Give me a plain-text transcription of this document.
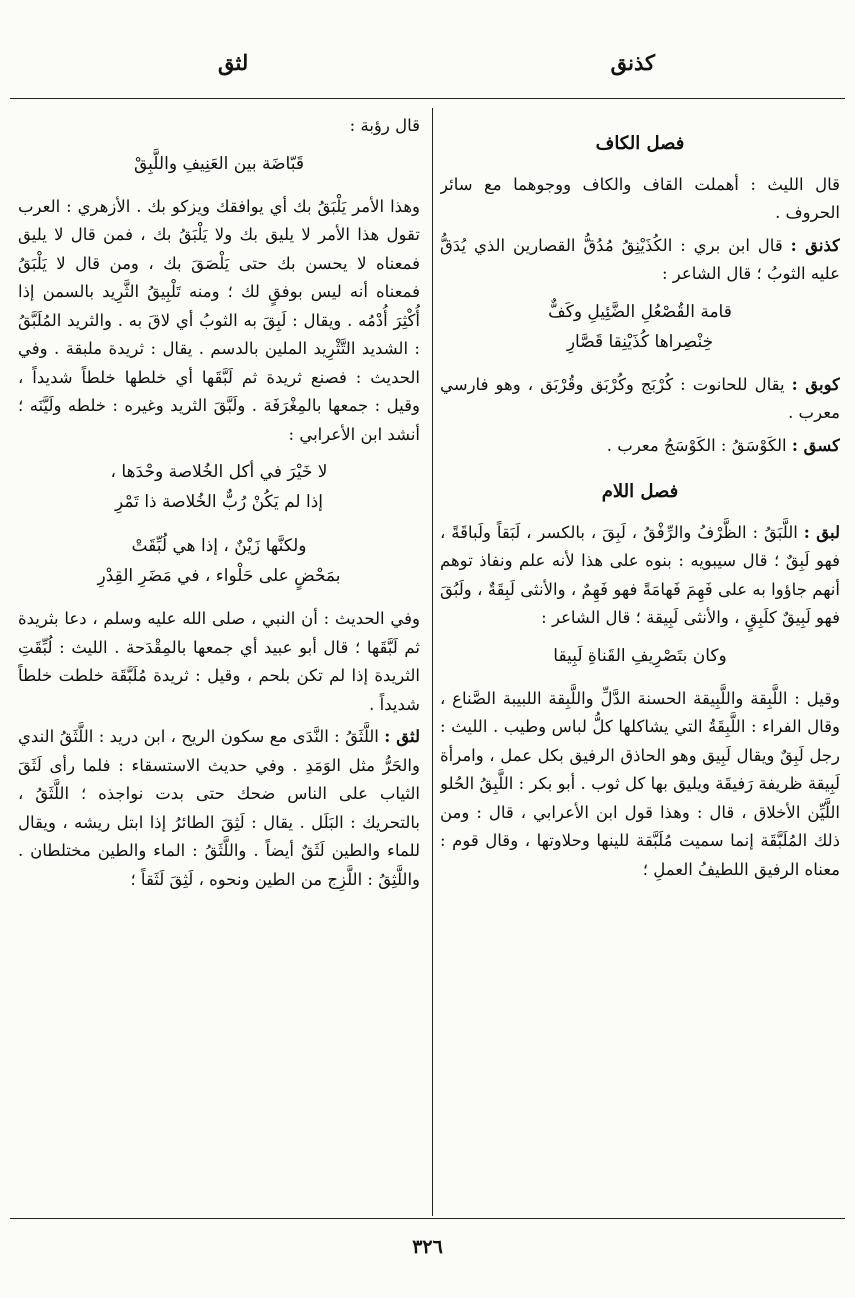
كذنق
لثق
فصل الكاف

قال الليث : أهملت القاف والكاف ووجوهما مع سائر الحروف .

كذنق : قال ابن بري : الكُذَيْنِقُ مُدُقُّ القصارين الذي يُدَقُّ عليه الثوبُ ؛ قال الشاعر :

قامة القُصْعُلِ الضَّئِيلِ وكَفٌّ
خِنْصِراها كُذَيْنِقا قَصَّارِ

كوبق : يقال للحانوت : كُرْبَج وكُرْبَق وقُرْبَق ، وهو فارسي معرب .

كسق : الكَوْسَقُ : الكَوْسَجُ معرب .

فصل اللام

لبق : اللَّبَقُ : الظَّرْفُ والرِّفْقُ ، لَبِقَ ، بالكسر ، لَبَقاً ولَباقَةً ، فهو لَبِقٌ ؛ قال سيبويه : بنوه على هذا لأنه علم ونفاذ توهم أنهم جاؤوا به على فَهِمَ فَهامَةً فهو فَهِمٌ ، والأنثى لَبِقَةٌ ، ولَبُقَ فهو لَبِيقٌ كلَبِقٍ ، والأنثى لَبِيقة ؛ قال الشاعر :

وكان بتَصْرِيفِ القَناةِ لَبِيقا

وقيل : اللَّبِقة واللَّبِيقة الحسنة الدَّلِّ واللَّبِقة اللبيبة الصَّناع ، وقال الفراء : اللَّبِقَةُ التي يشاكلها كلُّ لباس وطيب . الليث : رجل لَبِقٌ ويقال لَبِيق وهو الحاذق الرفيق بكل عمل ، وامرأة لَبِيقة ظريفة رَفيقَة ويليق بها كل ثوب . أبو بكر : اللَّبِقُ الحُلو اللَّيِّن الأخلاق ، قال : وهذا قول ابن الأعرابي ، قال : ومن ذلك المُلَبَّقَة إنما سميت مُلَبَّقة للينها وحلاوتها ، وقال قوم : معناه الرفيق اللطيفُ العملِ ؛

قال رؤبة :

قَبّاضَة بين العَنِيفِ واللَّبِقْ

وهذا الأمر يَلْبَقُ بك أي يوافقك ويزكو بك . الأزهري : العرب تقول هذا الأمر لا يليق بك ولا يَلْبَقُ بك ، فمن قال لا يليق فمعناه لا يحسن بك حتى يَلْصَقَ بك ، ومن قال لا يَلْبَقُ فمعناه أنه ليس بوفقٍ لك ؛ ومنه تَلْبِيقُ الثَّرِيد بالسمن إذا أُكْثِرَ أُدْمُه . ويقال : لَبِقَ به الثوبُ أي لاقَ به . والثريد المُلَبَّقُ : الشديد التَّثْرِيد الملين بالدسم . يقال : ثريدة ملبقة . وفي الحديث : فصنع ثريدة ثم لَبَّقَها أي خلطها خلطاً شديداً ، وقيل : جمعها بالمِغْرَفَة . ولَبَّقَ الثريد وغيره : خلطه ولَيَّنَه ؛ أنشد ابن الأعرابي :

لا خَيْرَ في أكل الخُلاصة وحْدَها ،
إذا لم يَكُنْ رُبٌّ الخُلاصة ذا تَمْرِ
ولكنَّها زَيْنٌ ، إذا هي لُبِّقَتْ
بمَحْضٍ على حَلْواء ، في مَضَرِ القِدْرِ

وفي الحديث : أن النبي ، صلى الله عليه وسلم ، دعا بثريدة ثم لَبَّقَها ؛ قال أبو عبيد أي جمعها بالمِقْدَحة . الليث : لُبِّقَتِ الثريدة إذا لم تكن بلحم ، وقيل : ثريدة مُلَبَّقَة خلطت خلطاً شديداً .

لثق : اللَّثَقُ : النَّدَى مع سكون الريح ، ابن دريد : اللَّثَقُ الندي والحَرُّ مثل الوَمَدِ . وفي حديث الاستسقاء : فلما رأى لَثَقَ الثياب على الناس ضحك حتى بدت نواجذه ؛ اللَّثَقُ ، بالتحريك : البَلَل . يقال : لَثِقَ الطائرُ إذا ابتل ريشه ، ويقال للماء والطين لَثَقٌ أيضاً . واللَّثَقُ : الماء والطين مختلطان . واللَّثِقُ : اللَّزِج من الطين ونحوه ، لَثِقَ لَثَقاً ؛

٣٢٦
